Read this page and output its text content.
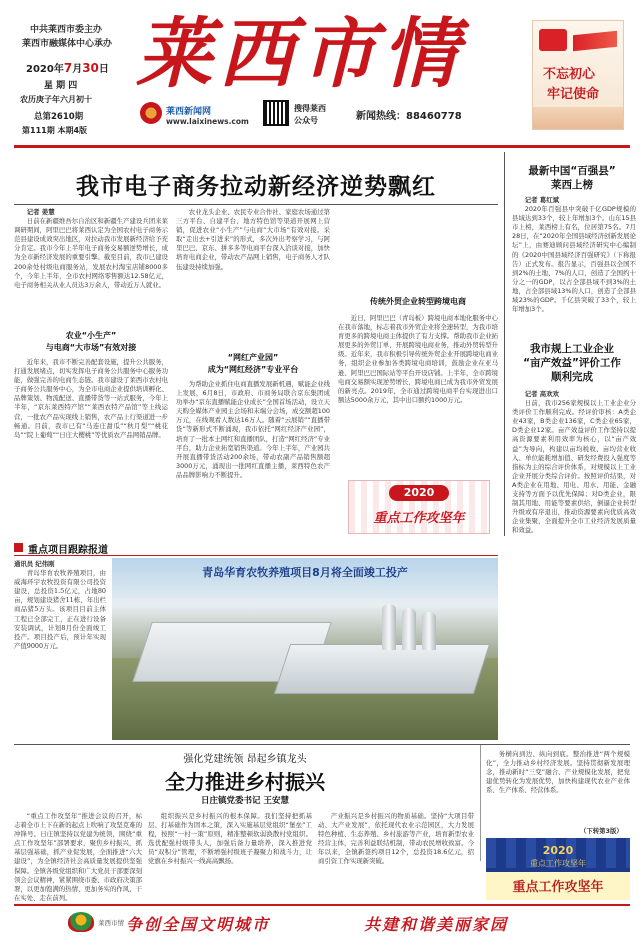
中共莱西市委主办
莱西市融媒体中心承办
2020年7月30日
星 期 四
农历庚子年六月初十
总第2610期
第111期 本期4版
莱西市情
莱西新闻网
www.laixinews.com
搜得莱西
公众号	新闻热线：88460778
不忘初心
牢记使命
我市电子商务拉动新经济逆势飘红

记者 姜慧

日前在新疆维吾尔自治区和新疆生产建设兵团来莱调研期间，阿里巴巴将莱西认定为全国农村电子商务示范县建设成效突出地区，对拉动我市发展新经济给予充分肯定。我市今年上半年电子商务交易额逆势增长，成为全市新经济发展的重要引擎。截至目前，我市已建设200余处村级电商服务站，发展农村淘宝店铺8000多个，今年上半年，全市农村网络零售额达12.58亿元，电子商务相关从业人员达3万余人，带动近万人就业。

农业“小生产”
与电商“大市场”有效对接

近年来，我市不断完善配套设施，提升公共服务，打通发展堵点，切实发挥电子商务公共服务中心服务功能，做强完善的电商生态链。我市建设了莱西市农村电子商务公共服务中心，为全市电商企业提供培训孵化、品牌策划、物流配送、直播带货等一站式服务，今年上半年，“京东莱西特产馆”“莱西农特产品馆”等上线运营，一批农产品实现线上销售，农产品上行渠道进一步畅通。目前，我市已有“马连庄甜瓜”“秋月梨”“桃花岛”“院上葡萄”“日庄大樱桃”等优质农产品网销品牌。

农业龙头企业、农民专业合作社、家庭农场通过第三方平台、自建平台、地方特色馆等渠道开展网上营销，促进农业“小生产”与电商“大市场”有效对接。采取“走出去+引进来”的形式，多次外出考察学习，与阿里巴巴、京东、拼多多等电商平台深入洽谈对接，加快培育电商企业，带动农产品网上销售，电子商务人才队伍建设持续加强。

“网红产业园”
成为“网红经济”专业平台

为帮助企业抓住电商直播发展新机遇，赋能企业线上发展，6月8日，市政府、市商务局联合京东集团成功举办“京东直播赋能企业成长”全国首场活动，设立天天购全媒体产业园主会场和末端分会场，成交额超100万元，在线观看人数达16万人。随着“云展销”“直播带货”等新形式不断涌现，我市依托“网红经济产业园”，培育了一批本土网红和直播团队，打造“网红经济”专业平台，助力企业拓宽销售渠道。今年上半年，产业园共开展直播带货活动200余场，带动农副产品销售额超3000万元，涌现出一批网红直播主播，莱西特色农产品品牌影响力不断提升。

传统外贸企业转型跨境电商

近日，阿里巴巴（青岛板）跨境电商本地化服务中心在我市落地，标志着我市外贸企业将全速转型，为我市培育更多的跨境电商主体提供了有力支撑。帮助我市企业拓展更多的外贸订单，开展跨境电商业务，推动外贸转型升级。近年来，我市积极引导传统外贸企业开展跨境电商业务，组织企业参加各类跨境电商培训，鼓励企业在亚马逊、阿里巴巴国际站等平台开设店铺。上半年，全市跨境电商交易额实现逆势增长，跨境电商已成为我市外贸发展的新亮点。2019年，全市通过跨境电商平台实现进出口额达5000余万元，其中出口额约1000万元。

2020
重点工作攻坚年
最新中国“百强县”
莱西上榜

记者 葛红斌

2020年百强县中突破千亿GDP规模的县域达到33个，较上年增加3个。山东15县市上榜，莱西榜上有名，位居第75名。7月28日，在“2020年全国县域经济创新发展论坛”上，由赛迪顾问县域经济研究中心编制的《2020中国县域经济百强研究》（下称报告）正式发布。报告显示，百强县以全国不到2%的土地、7%的人口，创造了全国约十分之一的GDP，以占全部县域不到3%的土地，占全部县域13%的人口，创造了全部县域23%的GDP。千亿县突破了33个，较上年增加3个。

我市规上工业企业
“亩产效益”评价工作
顺利完成

记者 高欢欢

日前，我市256家规模以上工业企业分类评价工作顺利完成。经评价审核：A类企业43家，B类企业136家，C类企业65家，D类企业12家。亩产效益评价工作坚持以提高资源要素利用效率为核心，以“亩产效益”为导向，构建以亩均税收、亩均营业收入、单位能耗增加值、研发经费投入强度等指标为主的综合评价体系，对规模以上工业企业开展分类综合评价。按照评价结果，对A类企业在用地、用电、用水、用能、金融支持等方面予以优先保障；对D类企业，限制其用地、用能等要素供给，倒逼企业转型升级或有序退出，推动资源要素向优质高效企业集聚，全面提升全市工业经济发展质量和效益。

重点项目跟踪报道
青岛华育农牧养殖项目8月将全面竣工投产

通讯员 纪伟刚

青岛华育农牧养殖项目，由威海环宇农牧投资有限公司投资建设，总投资1.5亿元，占地80亩，规划建设猪舍11栋，年出栏商品猪5万头。该项目目前主体工程已全部完工，正在进行设备安装调试，计划8月份全面竣工投产。项目投产后，预计年实现产值9000万元。

强化党建统领 昂起乡镇龙头
全力推进乡村振兴
日庄镇党委书记 王安慧

“重点工作攻坚年”推进会议的召开，标志着全市上下在新的起点上吹响了攻坚克难的冲锋号。日庄镇坚持以党建为统领，围绕“重点工作攻坚年”部署要求，聚焦乡村振兴，抓基层强基础，抓产业促发展，全面推进“六大建设”，为全镇经济社会高质量发展提供坚强保障。全镇各级党组织和广大党员干部要深刻领会会议精神，紧紧围绕市委、市政府决策部署，以更加饱满的热情、更加务实的作风，干在实处、走在前列。

组织振兴是乡村振兴的根本保障。我们坚持把抓基层、打基础作为固本之策，深入实施基层党组织“堡垒”工程，按照“一村一策”原则，精准整顿软弱涣散村党组织。选优配强村级带头人，加强后备力量培养，深入推进党员“双积分”管理，不断增强村级班子凝聚力和战斗力，让党旗在乡村振兴一线高高飘扬。

产业振兴是乡村振兴的物质基础。坚持“大项目带动、大产业发展”，依托现代农业示范园区，大力发展特色种植、生态养殖、乡村旅游等产业，培育新型农业经营主体，完善利益联结机制，带动农民增收致富。今年以来，全镇新签约项目12个，总投资18.6亿元，招商引资工作实现新突破。

务横向到边、纵向到底。整治推进“两个规模化”，全力推动乡村经济发展。坚持贯彻新发展理念，推动新时“三变”融合、产业规模化发展，把党建优势转化为发展优势，加快构建现代农业产业体系、生产体系、经营体系。

（下转第3版）
2020
重点工作攻坚年
重点工作攻坚年
莱西市情 争创全国文明城市	共建和谐美丽家园
